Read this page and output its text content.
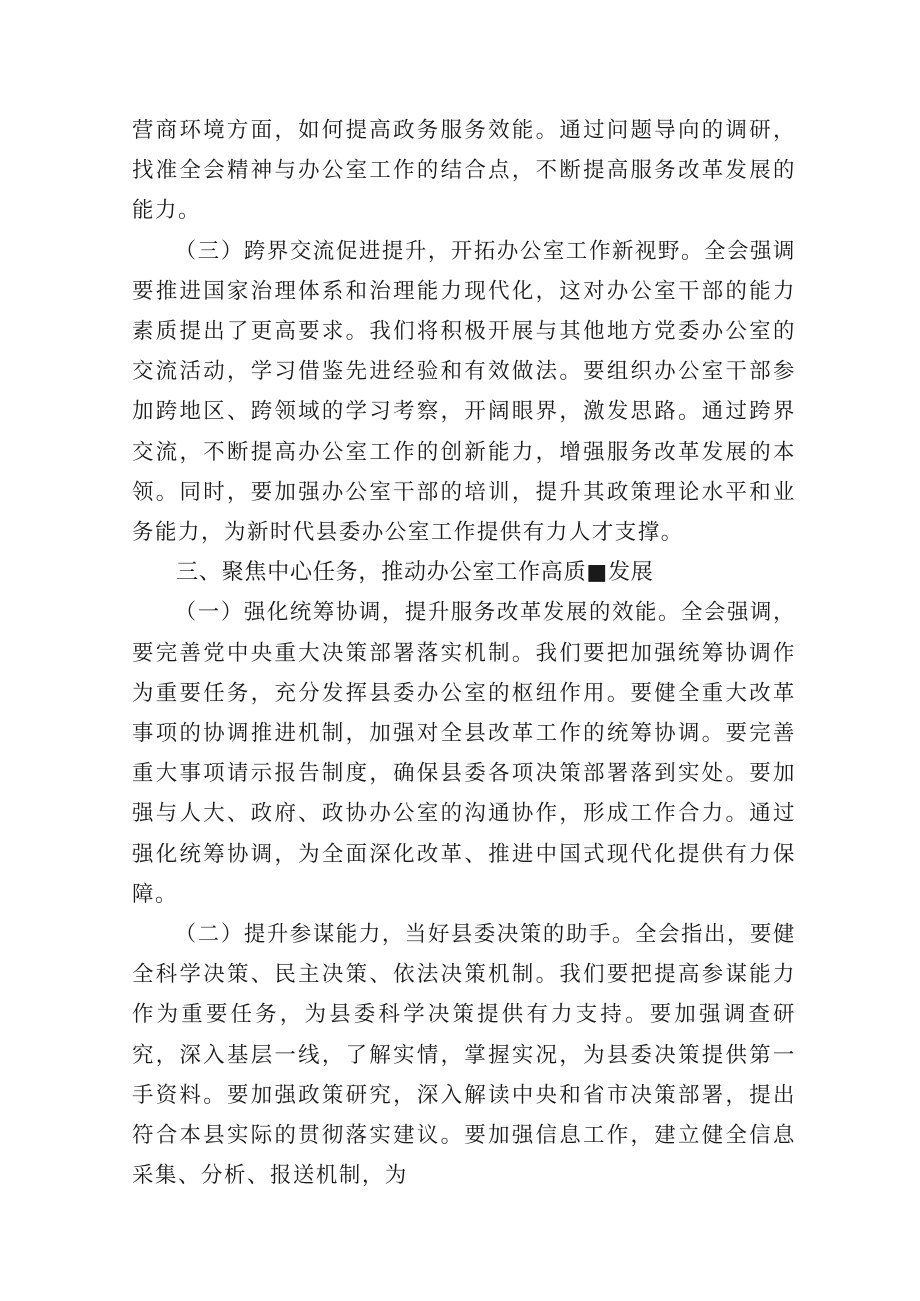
营商环境方面，如何提高政务服务效能。通过问题导向的调研，找准全会精神与办公室工作的结合点，不断提高服务改革发展的能力。

（三）跨界交流促进提升，开拓办公室工作新视野。全会强调要推进国家治理体系和治理能力现代化，这对办公室干部的能力素质提出了更高要求。我们将积极开展与其他地方党委办公室的交流活动，学习借鉴先进经验和有效做法。要组织办公室干部参加跨地区、跨领域的学习考察，开阔眼界，激发思路。通过跨界交流，不断提高办公室工作的创新能力，增强服务改革发展的本领。同时，要加强办公室干部的培训，提升其政策理论水平和业务能力，为新时代县委办公室工作提供有力人才支撑。

三、聚焦中心任务，推动办公室工作高质■发展

（一）强化统筹协调，提升服务改革发展的效能。全会强调，要完善党中央重大决策部署落实机制。我们要把加强统筹协调作为重要任务，充分发挥县委办公室的枢纽作用。要健全重大改革事项的协调推进机制，加强对全县改革工作的统筹协调。要完善重大事项请示报告制度，确保县委各项决策部署落到实处。要加强与人大、政府、政协办公室的沟通协作，形成工作合力。通过强化统筹协调，为全面深化改革、推进中国式现代化提供有力保障。

（二）提升参谋能力，当好县委决策的助手。全会指出，要健全科学决策、民主决策、依法决策机制。我们要把提高参谋能力作为重要任务，为县委科学决策提供有力支持。要加强调查研究，深入基层一线，了解实情，掌握实况，为县委决策提供第一手资料。要加强政策研究，深入解读中央和省市决策部署，提出符合本县实际的贯彻落实建议。要加强信息工作，建立健全信息采集、分析、报送机制，为
